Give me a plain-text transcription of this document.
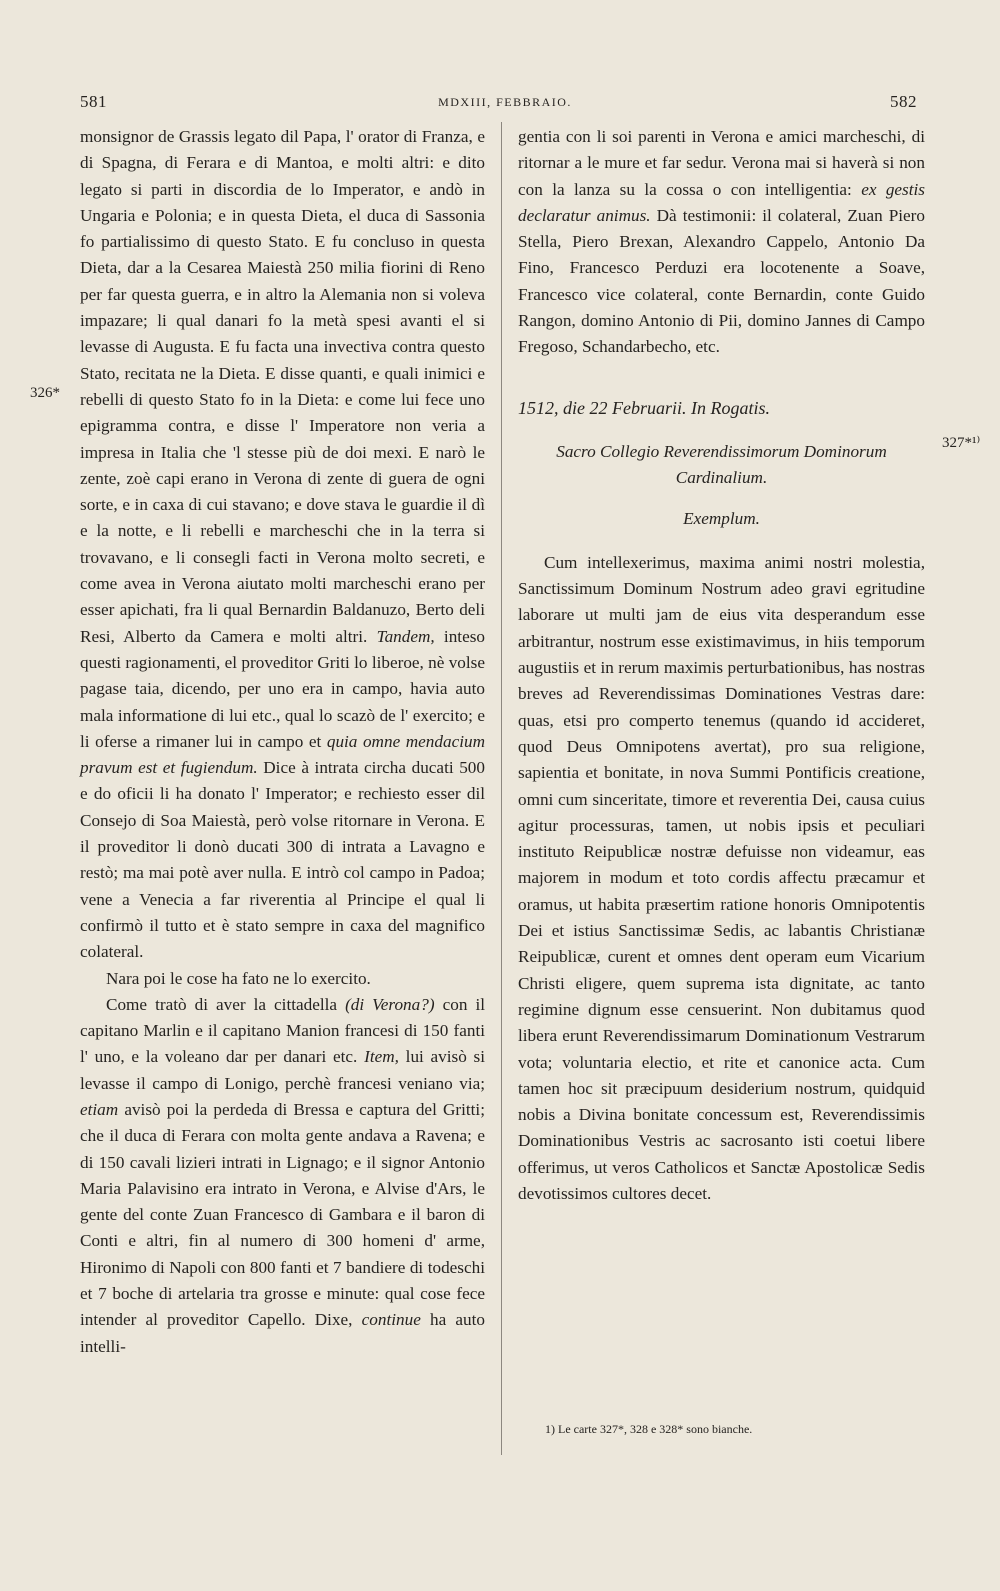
581	MDXIII, FEBBRAIO.	582
326*
327*¹⁾

monsignor de Grassis legato dil Papa, l' orator di Franza, e di Spagna, di Ferara e di Mantoa, e molti altri: e dito legato si parti in discordia de lo Imperator, e andò in Ungaria e Polonia; e in questa Dieta, el duca di Sassonia fo partialissimo di questo Stato. E fu concluso in questa Dieta, dar a la Cesarea Maiestà 250 milia fiorini di Reno per far questa guerra, e in altro la Alemania non si voleva impazare; li qual danari fo la metà spesi avanti el si levasse di Augusta. E fu facta una invectiva contra questo Stato, recitata ne la Dieta. E disse quanti, e quali inimici e rebelli di questo Stato fo in la Dieta: e come lui fece uno epigramma contra, e disse l' Imperatore non veria a impresa in Italia che 'l stesse più de doi mexi. E narò le zente, zoè capi erano in Verona di zente di guera de ogni sorte, e in caxa di cui stavano; e dove stava le guardie il dì e la notte, e li rebelli e marcheschi che in la terra si trovavano, e li consegli facti in Verona molto secreti, e come avea in Verona aiutato molti marcheschi erano per esser apichati, fra li qual Bernardin Baldanuzo, Berto deli Resi, Alberto da Camera e molti altri. Tandem, inteso questi ragionamenti, el proveditor Griti lo liberoe, nè volse pagase taia, dicendo, per uno era in campo, havia auto mala informatione di lui etc., qual lo scazò de l' exercito; e li oferse a rimaner lui in campo et quia omne mendacium pravum est et fugiendum. Dice à intrata circha ducati 500 e do oficii li ha donato l' Imperator; e rechiesto esser dil Consejo di Soa Maiestà, però volse ritornare in Verona. E il proveditor li donò ducati 300 di intrata a Lavagno e restò; ma mai potè aver nulla. E intrò col campo in Padoa; vene a Venecia a far riverentia al Principe el qual li confirmò il tutto et è stato sempre in caxa del magnifico colateral.

Nara poi le cose ha fato ne lo exercito.

Come tratò di aver la cittadella (di Verona?) con il capitano Marlin e il capitano Manion francesi di 150 fanti l' uno, e la voleano dar per danari etc. Item, lui avisò si levasse il campo di Lonigo, perchè francesi veniano via; etiam avisò poi la perdeda di Bressa e captura del Gritti; che il duca di Ferara con molta gente andava a Ravena; e di 150 cavali lizieri intrati in Lignago; e il signor Antonio Maria Palavisino era intrato in Verona, e Alvise d'Ars, le gente del conte Zuan Francesco di Gambara e il baron di Conti e altri, fin al numero di 300 homeni d' arme, Hironimo di Napoli con 800 fanti et 7 bandiere di todeschi et 7 boche di artelaria tra grosse e minute: qual cose fece intender al proveditor Capello. Dixe, continue ha auto intelli-

gentia con li soi parenti in Verona e amici marcheschi, di ritornar a le mure et far sedur. Verona mai si haverà si non con la lanza su la cossa o con intelligentia: ex gestis declaratur animus. Dà testimonii: il colateral, Zuan Piero Stella, Piero Brexan, Alexandro Cappelo, Antonio Da Fino, Francesco Perduzi era locotenente a Soave, Francesco vice colateral, conte Bernardin, conte Guido Rangon, domino Antonio di Pii, domino Jannes di Campo Fregoso, Schandarbecho, etc.

1512, die 22 Februarii. In Rogatis.

Sacro Collegio Reverendissimorum Dominorum Cardinalium.

Exemplum.

Cum intellexerimus, maxima animi nostri molestia, Sanctissimum Dominum Nostrum adeo gravi egritudine laborare ut multi jam de eius vita desperandum esse arbitrantur, nostrum esse existimavimus, in hiis temporum augustiis et in rerum maximis perturbationibus, has nostras breves ad Reverendissimas Dominationes Vestras dare: quas, etsi pro comperto tenemus (quando id accideret, quod Deus Omnipotens avertat), pro sua religione, sapientia et bonitate, in nova Summi Pontificis creatione, omni cum sinceritate, timore et reverentia Dei, causa cuius agitur processuras, tamen, ut nobis ipsis et peculiari instituto Reipublicæ nostræ defuisse non videamur, eas majorem in modum et toto cordis affectu præcamur et oramus, ut habita præsertim ratione honoris Omnipotentis Dei et istius Sanctissimæ Sedis, ac labantis Christianæ Reipublicæ, curent et omnes dent operam eum Vicarium Christi eligere, quem suprema ista dignitate, ac tanto regimine dignum esse censuerint. Non dubitamus quod libera erunt Reverendissimarum Dominationum Vestrarum vota; voluntaria electio, et rite et canonice acta. Cum tamen hoc sit præcipuum desiderium nostrum, quidquid nobis a Divina bonitate concessum est, Reverendissimis Dominationibus Vestris ac sacrosanto isti coetui libere offerimus, ut veros Catholicos et Sanctæ Apostolicæ Sedis devotissimos cultores decet.

1) Le carte 327*, 328 e 328* sono bianche.
